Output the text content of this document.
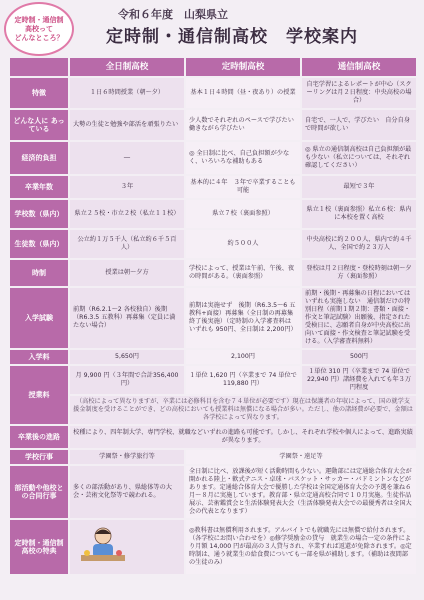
定時制・通信制
高校って
どんなところ？
令和６年度　山梨県立
定時制・通信制高校　学校案内
	全日制高校	定時制高校	通信制高校
特徴	１日６時間授業（朝〜夕）	基本１日４時間（昼・夜あり）の授業	自宅学習によるレポートが中心（スクーリングは月２日程度：中央高校の場合）
どんな人に あっている	大勢の生徒と勉強や部活を頑張りたい	少人数でそれぞれのペースで学びたい　働きながら学びたい	自宅で、一人で、学びたい　自分自身で時間が欲しい
経済的負担	―	◎ 全日制に比べ、自己負担額が少なく、いろいろな補助もある	◎ 県立の通信制高校は自己負担額が最も少ない（私立については、それぞれ確認してください）
卒業年数	３年	基本的に４年　３年で卒業することも可能	最短で３年
学校数（県内）	県立２５校・市立２校（私立１１校）	県立７校（裏面参照）	県立１校（裏面参照）私立６校：県内に本校を置く高校
生徒数（県内）	公立約１万５千人（私立約６千５百人）	約５００人	中央高校に約２００人、県内で約４千人、全国で約２３万人
時制	授業は朝〜夕方	学校によって、授業は午前、午後、夜の時間がある。（裏面参照）	登校は月２日程度・登校時刻は朝〜夕方（裏面参照）
入学試験	前期（R6.2.1〜2 各校独自）後期（R6.3.5 五教科）再募集（定員に満たない場合）	前期は実施せず　後期（R6.3.5〜6 五教科+面接）再募集（全日制の再募集終了後実施）（定時制の入学審査料はいずれも 950円、全日制は 2,200円）	前期・後期・再募集の日程においてはいずれも実施しない　通信制だけの特別日程（前期１期２期：書類・面接・作文と筆記試験）出願後、指定された受検日に、志願者自身が中央高校に出向いて面接・作文検査と筆記試験を受ける。（入学審査料無料）
入学料	5,650円	2,100円	500円
授業料	月 9,900 円（３年間で合計356,400円）	１単位 1,620 円（卒業まで 74 単位で 119,880 円）	１単位 310 円（卒業まで 74 単位で 22,940 円）諸経費を入れても年３万円程度
	（高校によって異なりますが、卒業には必修科目を含む７４単位が必要です）現在は保護者の年収によって、国の就学支援金制度を受けることができ、どの高校においても授業料は無償になる場合が多い。ただし、他の諸経費が必要で、金額は各学校によって異なります。		
卒業後の進路	校種により、四年制大学、専門学校、就職などいずれの進路も可能です。しかし、それぞれ学校や個人によって、進路実績が異なります。		
学校行事	学園祭・修学旅行等	学園祭・遠足等	
部活動や他校との合同行事	多くの部活動があり、県総体等の大会・芸術文化祭等で競われる。	全日制に比べ、放課後が短く活動時間も少ない。運動部には定通総合体育大会が開かれる陸上・軟式テニス・卓球・バスケット・サッカー・バドミントンなどがあります。定通総合体育大会で優勝した学校は全国定通体育大会の予選を兼ね６月〜８月に実施しています。教育部・県立定通高校合同で１０月実施。生徒作品展示、芸術鑑賞会と生活体験発表大会（生活体験発表大会での最優秀者は全国大会の代表となります）	
定時制・通信制高校の特典		◎教科書は無償利用されます。アルバイトでも就職先には無償で給付されます。（各学校にお問い合わせを）◎修学奨励金の貸与　就業生の場合一定の条件により月額 14,000 円が最高の３人貸与され、卒業すれば返還が免除されます。◎定時制は、通う就業生の給食費についても一部を県が補助します。（補助は夜間部の生徒のみ）	
